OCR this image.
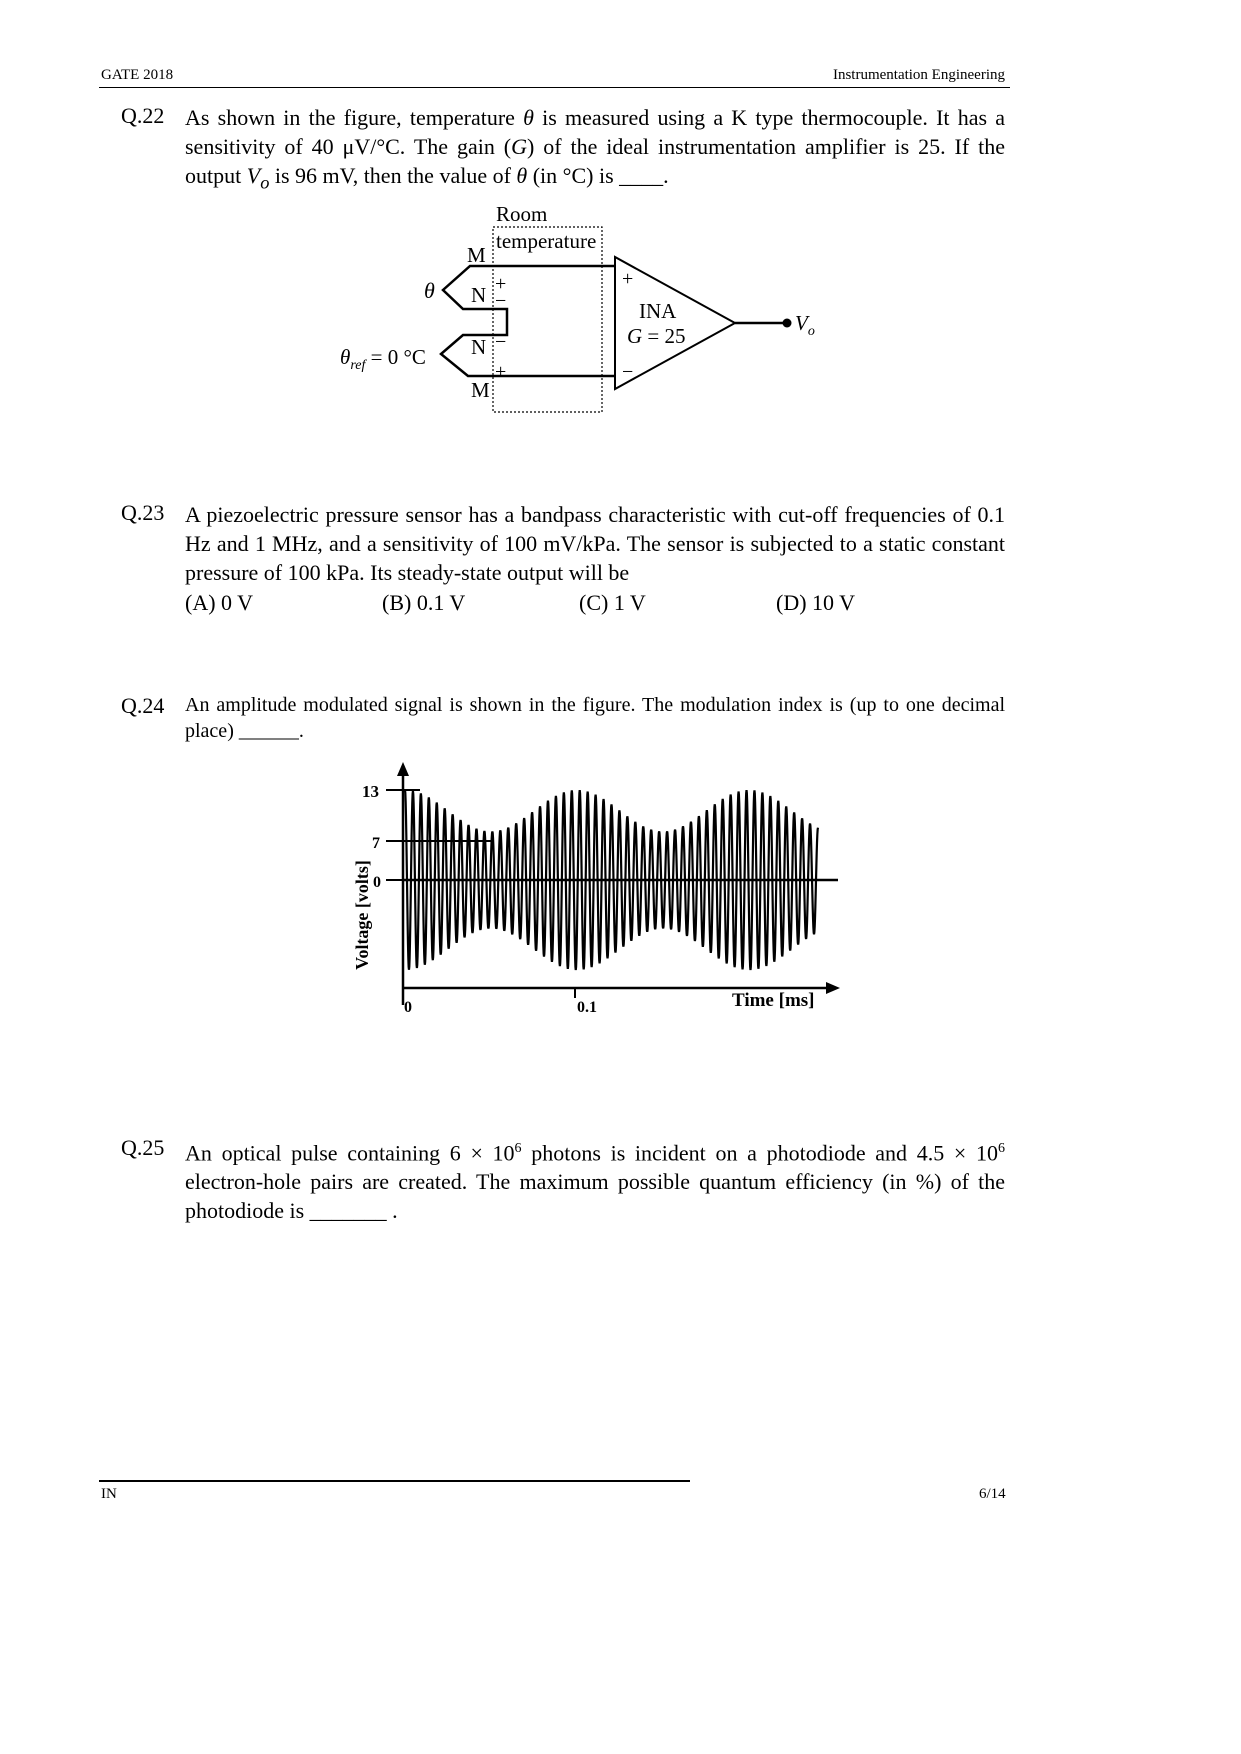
GATE 2018	Instrumentation Engineering
Q.22 As shown in the figure, temperature θ is measured using a K type thermocouple. It has a sensitivity of 40 μV/°C. The gain (G) of the ideal instrumentation amplifier is 25. If the output $V_o$ is 96 mV, then the value of θ (in °C) is ____.
Room
temperature
M
N
N
M
+
−
−
+
θ
$\theta_{ref} = 0$ °C
+
−
INA
G = 25
$V_o$
Q.23 A piezoelectric pressure sensor has a bandpass characteristic with cut-off frequencies of 0.1 Hz and 1 MHz, and a sensitivity of 100 mV/kPa. The sensor is subjected to a static constant pressure of 100 kPa. Its steady-state output will be
(A) 0 V	(B) 0.1 V	(C) 1 V	(D) 10 V
Q.24 An amplitude modulated signal is shown in the figure. The modulation index is (up to one decimal place) ______.
13
7
0
0	0.1	Time [ms]
Voltage [volts]
Q.25 An optical pulse containing $6 \times 10^6$ photons is incident on a photodiode and $4.5 \times 10^6$ electron-hole pairs are created. The maximum possible quantum efficiency (in %) of the photodiode is _______ .
IN	6/14
